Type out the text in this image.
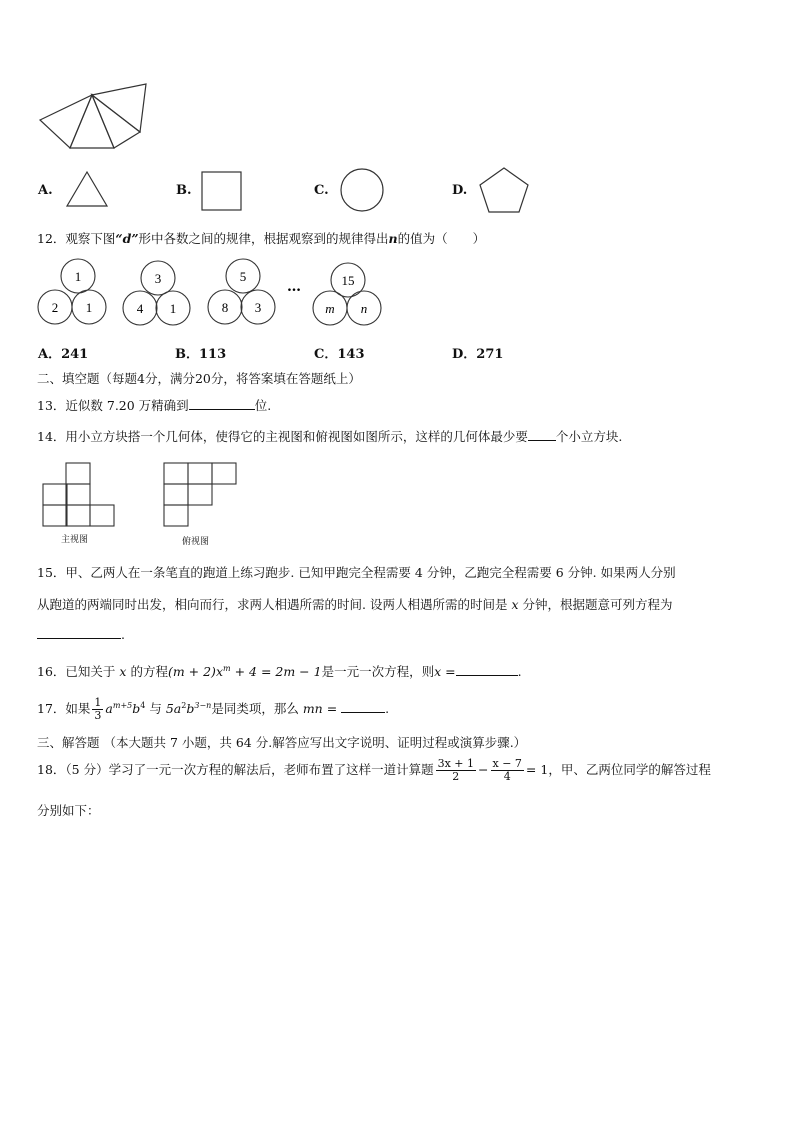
A.	B.	C.	D.
12．观察下图“d”形中各数之间的规律，根据观察到的规律得出n的值为（　　）
1
2 1
3
4 1
5
8 3
…	15
m n
A．241	B．113	C．143	D．271
二、填空题（每题4分，满分20分，将答案填在答题纸上）
13．近似数 7.20 万精确到	位.
14．用小立方块搭一个几何体，使得它的主视图和俯视图如图所示，这样的几何体最少要 个小立方块.
主视图	俯视图
15．甲、乙两人在一条笔直的跑道上练习跑步. 已知甲跑完全程需要 4 分钟，乙跑完全程需要 6 分钟. 如果两人分别
从跑道的两端同时出发，相向而行，求两人相遇所需的时间. 设两人相遇所需的时间是 x 分钟，根据题意可列方程为
.
16．已知关于 x 的方程$(m + 2)x^m + 4 = 2m - 1$是一元一次方程，则x =	.
17．如果 $\frac{1}{3} a^{m+5}b^4$ 与 $5a^2b^{3-n}$是同类项，那么 mn =	.
三、解答题 （本大题共 7 小题，共 64 分.解答应写出文字说明、证明过程或演算步骤.）
18．（5 分）学习了一元一次方程的解法后，老师布置了这样一道计算题 $\frac{3x + 1}{2} - \frac{x - 7}{4} = 1$，甲、乙两位同学的解答过程
分别如下：
